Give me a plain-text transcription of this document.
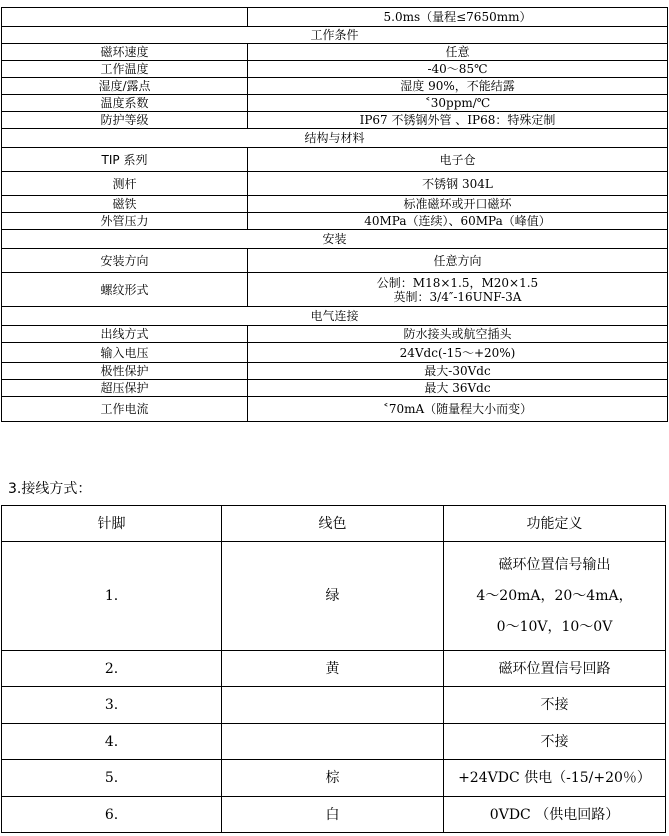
	5.0ms（量程≤7650mm）
工作条件	
磁环速度	任意
工作温度	-40～85℃
湿度/露点	湿度 90%，不能结露
温度系数	˂30ppm/℃
防护等级	IP67 不锈钢外管 、IP68：特殊定制
结构与材料	
TIP 系列	电子仓
测杆	不锈钢 304L
磁铁	标准磁环或开口磁环
外管压力	40MPa（连续）、60MPa（峰值）
安装	
安装方向	任意方向
螺纹形式	公制：M18×1.5，M20×1.5
英制：3/4″-16UNF-3A

电气连接	
出线方式	防水接头或航空插头
输入电压	24Vdc(-15～+20%)
极性保护	最大-30Vdc
超压保护	最大 36Vdc
工作电流	˂70mA（随量程大小而变）
3.接线方式：
针脚	线色	功能定义
1.	绿	磁环位置信号输出
4～20mA，20～4mA，
0～10V，10～0V

2.	黄	磁环位置信号回路
3.		不接
4.		不接
5.	棕	+24VDC 供电（-15/+20％）
6.	白	0VDC （供电回路）
